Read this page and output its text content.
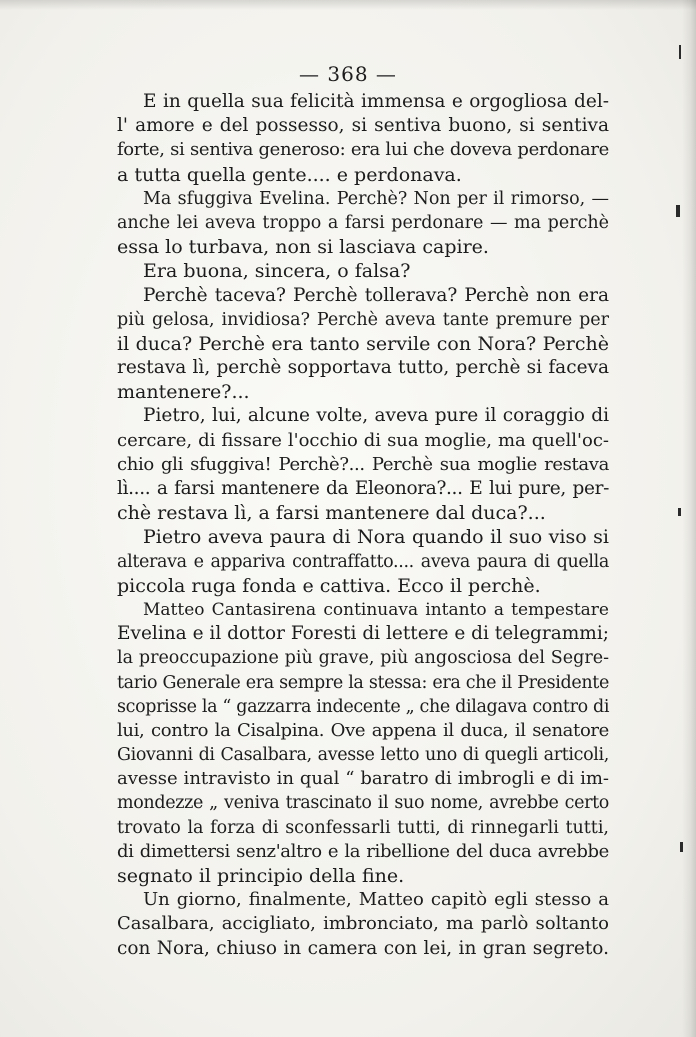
— 368 —
E in quella sua felicità immensa e orgogliosa del-
l' amore e del possesso, si sentiva buono, si sentiva
forte, si sentiva generoso: era lui che doveva perdonare
a tutta quella gente.... e perdonava.
Ma sfuggiva Evelina. Perchè? Non per il rimorso, —
anche lei aveva troppo a farsi perdonare — ma perchè
essa lo turbava, non si lasciava capire.
Era buona, sincera, o falsa?
Perchè taceva? Perchè tollerava? Perchè non era
più gelosa, invidiosa? Perchè aveva tante premure per
il duca? Perchè era tanto servile con Nora? Perchè
restava lì, perchè sopportava tutto, perchè si faceva
mantenere?...
Pietro, lui, alcune volte, aveva pure il coraggio di
cercare, di fissare l'occhio di sua moglie, ma quell'oc-
chio gli sfuggiva! Perchè?... Perchè sua moglie restava
lì.... a farsi mantenere da Eleonora?... E lui pure, per-
chè restava lì, a farsi mantenere dal duca?...
Pietro aveva paura di Nora quando il suo viso si
alterava e appariva contraffatto.... aveva paura di quella
piccola ruga fonda e cattiva. Ecco il perchè.
Matteo Cantasirena continuava intanto a tempestare
Evelina e il dottor Foresti di lettere e di telegrammi;
la preoccupazione più grave, più angosciosa del Segre-
tario Generale era sempre la stessa: era che il Presidente
scoprisse la “ gazzarra indecente „ che dilagava contro di
lui, contro la Cisalpina. Ove appena il duca, il senatore
Giovanni di Casalbara, avesse letto uno di quegli articoli,
avesse intravisto in qual “ baratro di imbrogli e di im-
mondezze „ veniva trascinato il suo nome, avrebbe certo
trovato la forza di sconfessarli tutti, di rinnegarli tutti,
di dimettersi senz'altro e la ribellione del duca avrebbe
segnato il principio della fine.
Un giorno, finalmente, Matteo capitò egli stesso a
Casalbara, accigliato, imbronciato, ma parlò soltanto
con Nora, chiuso in camera con lei, in gran segreto.
